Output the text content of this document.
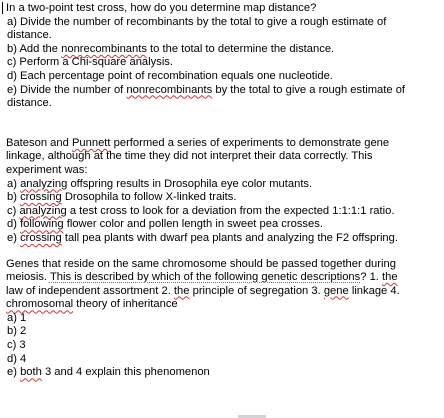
In a two-point test cross, how do you determine map distance?
a) Divide the number of recombinants by the total to give a rough estimate of
distance.
b) Add the nonrecombinants to the total to determine the distance.
c) Perform a Chi-square analysis.
d) Each percentage point of recombination equals one nucleotide.
e) Divide the number of nonrecombinants by the total to give a rough estimate of
distance.
Bateson and Punnett performed a series of experiments to demonstrate gene
linkage, although at the time they did not interpret their data correctly. This
experiment was:
a) analyzing offspring results in Drosophila eye color mutants.
b) crossing Drosophila to follow X-linked traits.
c) analyzing a test cross to look for a deviation from the expected 1:1:1:1 ratio.
d) following flower color and pollen length in sweet pea crosses.
e) crossing tall pea plants with dwarf pea plants and analyzing the F2 offspring.
Genes that reside on the same chromosome should be passed together during
meiosis. This is described by which of the following genetic descriptions? 1. the
law of independent assortment 2. the principle of segregation 3. gene linkage 4.
chromosomal theory of inheritance
a) 1
b) 2
c) 3
d) 4
e) both 3 and 4 explain this phenomenon
